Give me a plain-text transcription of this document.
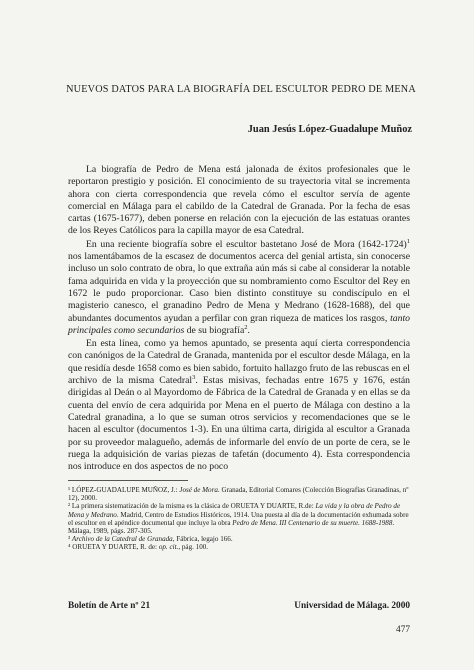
NUEVOS DATOS PARA LA BIOGRAFÍA DEL ESCULTOR PEDRO DE MENA
Juan Jesús López-Guadalupe Muñoz

La biografía de Pedro de Mena está jalonada de éxitos profesionales que le reportaron prestigio y posición. El conocimiento de su trayectoria vital se incrementa ahora con cierta correspondencia que revela cómo el escultor servía de agente comercial en Málaga para el cabildo de la Catedral de Granada. Por la fecha de esas cartas (1675-1677), deben ponerse en relación con la ejecución de las estatuas orantes de los Reyes Católicos para la capilla mayor de esa Catedral.

En una reciente biografía sobre el escultor bastetano José de Mora (1642-1724)$^1$ nos lamentábamos de la escasez de documentos acerca del genial artista, sin conocerse incluso un solo contrato de obra, lo que extraña aún más si cabe al considerar la notable fama adquirida en vida y la proyección que su nombramiento como Escultor del Rey en 1672 le pudo proporcionar. Caso bien distinto constituye su condiscípulo en el magisterio canesco, el granadino Pedro de Mena y Medrano (1628-1688), del que abundantes documentos ayudan a perfilar con gran riqueza de matices los rasgos, tanto principales como secundarios de su biografía$^2$.

En esta línea, como ya hemos apuntado, se presenta aquí cierta correspondencia con canónigos de la Catedral de Granada, mantenida por el escultor desde Málaga, en la que residía desde 1658 como es bien sabido, fortuito hallazgo fruto de las rebuscas en el archivo de la misma Catedral$^3$. Estas misivas, fechadas entre 1675 y 1676, están dirigidas al Deán o al Mayordomo de Fábrica de la Catedral de Granada y en ellas se da cuenta del envío de cera adquirida por Mena en el puerto de Málaga con destino a la Catedral granadina, a lo que se suman otros servicios y recomendaciones que se le hacen al escultor (documentos 1-3). En una última carta, dirigida al escultor a Granada por su proveedor malagueño, además de informarle del envío de un porte de cera, se le ruega la adquisición de varias piezas de tafetán (documento 4). Esta correspondencia nos introduce en dos aspectos de no poco

¹ LÓPEZ-GUADALUPE MUÑOZ, J.: José de Mora. Granada, Editorial Comares (Colección Biografías Granadinas, nº 12), 2000.
² La primera sistematización de la misma es la clásica de ORUETA Y DUARTE, R.de: La vida y la obra de Pedro de Mena y Medrano. Madrid, Centro de Estudios Históricos, 1914. Una puesta al día de la documentación exhumada sobre el escultor en el apéndice documental que incluye la obra Pedro de Mena. III Centenario de su muerte. 1688-1988. Málaga, 1989, págs. 287-305.
³ Archivo de la Catedral de Granada, Fábrica, legajo 166.
⁴ ORUETA Y DUARTE, R. de: op. cit., pág. 100.
Boletín de Arte nº 21	Universidad de Málaga. 2000
477
